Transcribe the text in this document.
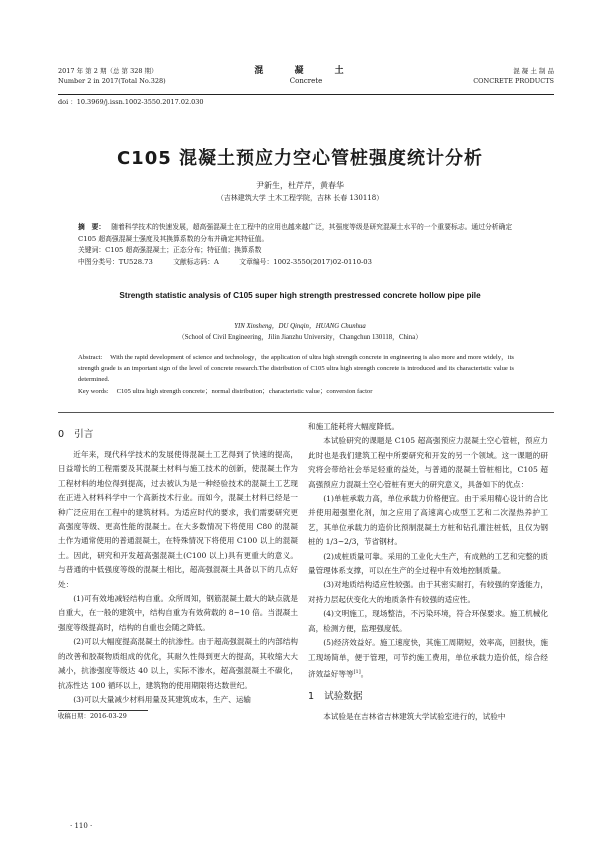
2017 年 第 2 期（总 第 328 期）
Number 2 in 2017(Total No.328)
混 凝 土
Concrete
混 凝 土 制 品
CONCRETE PRODUCTS
doi ：10.3969/j.issn.1002-3550.2017.02.030
C105 混凝土预应力空心管桩强度统计分析
尹新生，杜芹芹，黄春华
（吉林建筑大学 土木工程学院，吉林 长春 130118）
摘　要： 随着科学技术的快速发展，超高强混凝土在工程中的应用也越来越广泛，其强度等级是研究混凝土水平的一个重要标志。通过分析确定 C105 超高强混凝土强度及其换算系数的分布并确定其特征值。
关键词：C105 超高强混凝土；正态分布；特征值；换算系数
中图分类号：TU528.73　　　文献标志码：A　　　文章编号：1002-3550(2017)02-0110-03
Strength statistic analysis of C105 super high strength prestressed concrete hollow pipe pile
YIN Xinsheng，DU Qinqin，HUANG Chunhua
（School of Civil Engineering，Jilin Jianzhu University，Changchun 130118，China）
Abstract: With the rapid development of science and technology，the application of ultra high strength concrete in engineering is also more and more widely，its strength grade is an important sign of the level of concrete research.The distribution of C105 ultra high strength concrete is introduced and its characteristic value is determined.
Key words: C105 ultra high strength concrete；normal distribution；characteristic value；conversion factor
0 引言

近年来，现代科学技术的发展使得混凝土工艺得到了快速的提高，日益增长的工程需要及其混凝土材料与施工技术的创新，使混凝土作为工程材料的地位得到提高，过去被认为是一种经验技术的混凝土工艺现在正进入材料科学中一个高新技术行业。而如今，混凝土材料已经是一种广泛应用在工程中的建筑材料。为适应时代的要求，我们需要研究更高强度等级、更高性能的混凝土。在大多数情况下将使用 C80 的混凝土作为通常使用的普通混凝土，在特殊情况下将使用 C100 以上的混凝土。因此，研究和开发超高强混凝土(C100 以上)具有更重大的意义。与普通的中低强度等级的混凝土相比，超高强混凝土具备以下的几点好处：

(1)可有效地减轻结构自重。众所周知，钢筋混凝土最大的缺点就是自重大，在一般的建筑中，结构自重为有效荷载的 8~10 倍。当混凝土强度等级提高时，结构的自重也会随之降低。

(2)可以大幅度提高混凝土的抗渗性。由于超高强混凝土的内部结构的改善和胶凝物质组成的优化，其耐久性得到更大的提高，其收缩大大减小，抗渗强度等级达 40 以上，实际不渗水，超高强混凝土不碳化，抗冻性达 100 循环以上，建筑物的使用期限将达数世纪。

(3)可以大量减少材料用量及其建筑成本，生产、运输

收稿日期：2016-03-29

和施工能耗将大幅度降低。

本试验研究的课题是 C105 超高强预应力混凝土空心管桩，预应力此时也是我们建筑工程中所要研究和开发的另一个领域。这一课题的研究将会带给社会举足轻重的益处，与普通的混凝土管桩相比，C105 超高强预应力混凝土空心管桩有更大的研究意义，具备如下的优点：

(1)单桩承载力高，单位承载力价格便宜。由于采用精心设计的合比并使用超强塑化剂，加之应用了高速离心成型工艺和二次湿热养护工艺，其单位承载力的造价比预制混凝土方桩和钻孔灌注桩低，且仅为钢桩的 1/3~2/3，节省钢材。

(2)成桩质量可靠。采用的工业化大生产，有成熟的工艺和完整的质量管理体系支撑，可以在生产的全过程中有效地控制质量。

(3)对地质结构适应性较强。由于其密实耐打，有较强的穿透能力，对持力层起伏变化大的地质条件有较强的适应性。

(4)文明施工，现场整洁，不污染环境，符合环保要求。施工机械化高，检测方便，监理强度低。

(5)经济效益好。施工速度快，其施工周期短，效率高，回报快，施工现场简单，便于管理，可节约施工费用，单位承载力造价低，综合经济效益好等等[1]。

1 试验数据

本试验是在吉林省吉林建筑大学试验室进行的，试验中

· 110 ·
